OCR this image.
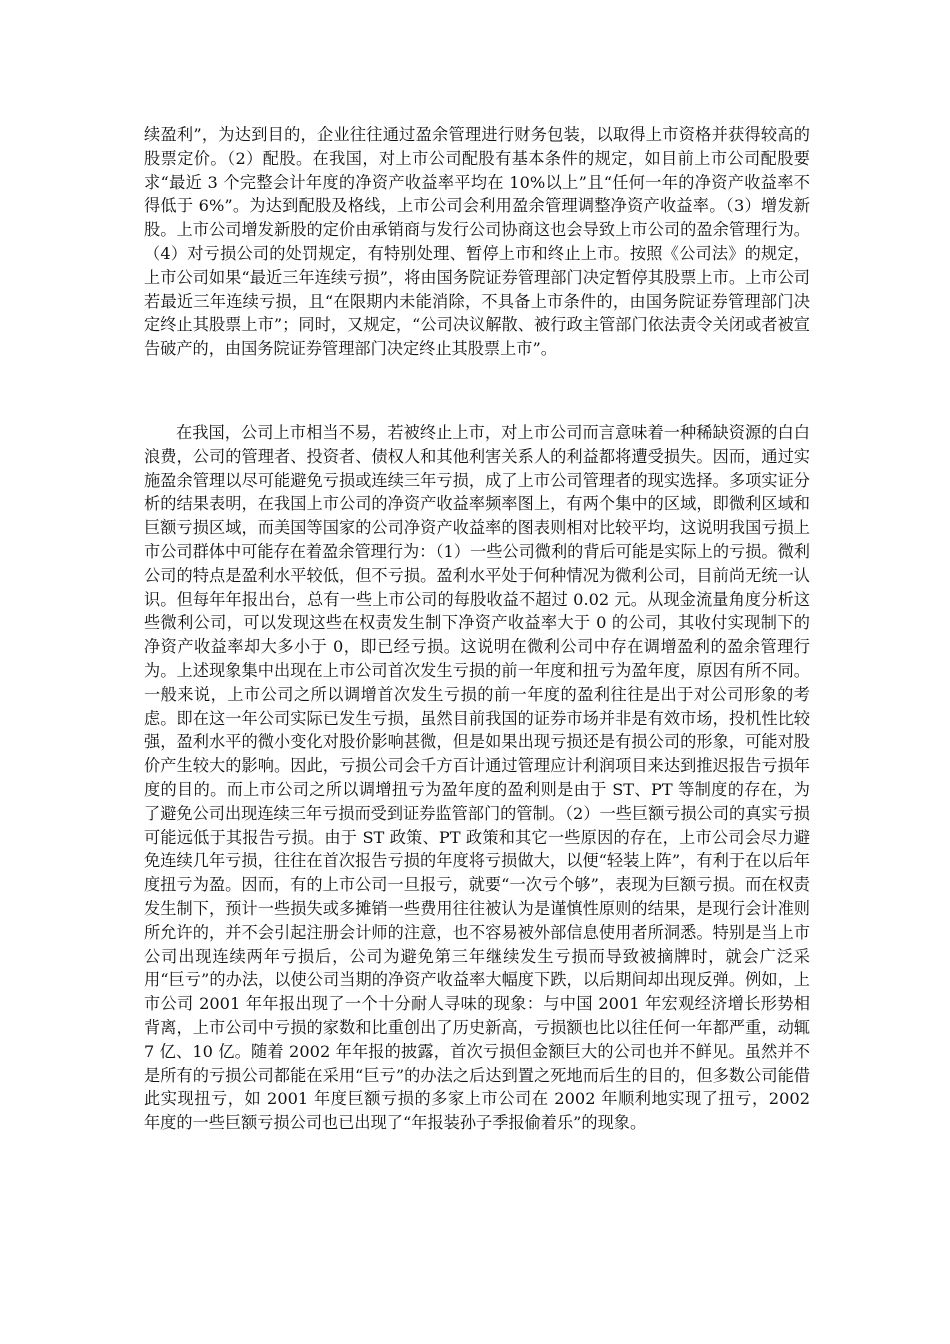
续盈利”，为达到目的，企业往往通过盈余管理进行财务包装，以取得上市资格并获得较高的股票定价。（2）配股。在我国，对上市公司配股有基本条件的规定，如目前上市公司配股要求“最近 3 个完整会计年度的净资产收益率平均在 10%以上”且“任何一年的净资产收益率不得低于 6%”。为达到配股及格线，上市公司会利用盈余管理调整净资产收益率。（3）增发新股。上市公司增发新股的定价由承销商与发行公司协商这也会导致上市公司的盈余管理行为。（4）对亏损公司的处罚规定，有特别处理、暂停上市和终止上市。按照《公司法》的规定，上市公司如果“最近三年连续亏损”，将由国务院证券管理部门决定暂停其股票上市。上市公司若最近三年连续亏损，且“在限期内未能消除，不具备上市条件的，由国务院证券管理部门决定终止其股票上市”；同时，又规定，“公司决议解散、被行政主管部门依法责令关闭或者被宣告破产的，由国务院证券管理部门决定终止其股票上市”。

在我国，公司上市相当不易，若被终止上市，对上市公司而言意味着一种稀缺资源的白白浪费，公司的管理者、投资者、债权人和其他利害关系人的利益都将遭受损失。因而，通过实施盈余管理以尽可能避免亏损或连续三年亏损，成了上市公司管理者的现实选择。多项实证分析的结果表明，在我国上市公司的净资产收益率频率图上，有两个集中的区域，即微利区域和巨额亏损区域，而美国等国家的公司净资产收益率的图表则相对比较平均，这说明我国亏损上市公司群体中可能存在着盈余管理行为：（1）一些公司微利的背后可能是实际上的亏损。微利公司的特点是盈利水平较低，但不亏损。盈利水平处于何种情况为微利公司，目前尚无统一认识。但每年年报出台，总有一些上市公司的每股收益不超过 0.02 元。从现金流量角度分析这些微利公司，可以发现这些在权责发生制下净资产收益率大于 0 的公司，其收付实现制下的净资产收益率却大多小于 0，即已经亏损。这说明在微利公司中存在调增盈利的盈余管理行为。上述现象集中出现在上市公司首次发生亏损的前一年度和扭亏为盈年度，原因有所不同。一般来说，上市公司之所以调增首次发生亏损的前一年度的盈利往往是出于对公司形象的考虑。即在这一年公司实际已发生亏损，虽然目前我国的证券市场并非是有效市场，投机性比较强，盈利水平的微小变化对股价影响甚微，但是如果出现亏损还是有损公司的形象，可能对股价产生较大的影响。因此，亏损公司会千方百计通过管理应计利润项目来达到推迟报告亏损年度的目的。而上市公司之所以调增扭亏为盈年度的盈利则是由于 ST、PT 等制度的存在，为了避免公司出现连续三年亏损而受到证券监管部门的管制。（2）一些巨额亏损公司的真实亏损可能远低于其报告亏损。由于 ST 政策、PT 政策和其它一些原因的存在，上市公司会尽力避免连续几年亏损，往往在首次报告亏损的年度将亏损做大，以便“轻装上阵”，有利于在以后年度扭亏为盈。因而，有的上市公司一旦报亏，就要“一次亏个够”，表现为巨额亏损。而在权责发生制下，预计一些损失或多摊销一些费用往往被认为是谨慎性原则的结果，是现行会计准则所允许的，并不会引起注册会计师的注意，也不容易被外部信息使用者所洞悉。特别是当上市公司出现连续两年亏损后，公司为避免第三年继续发生亏损而导致被摘牌时，就会广泛采用“巨亏”的办法，以使公司当期的净资产收益率大幅度下跌，以后期间却出现反弹。例如，上市公司 2001 年年报出现了一个十分耐人寻味的现象：与中国 2001 年宏观经济增长形势相背离，上市公司中亏损的家数和比重创出了历史新高，亏损额也比以往任何一年都严重，动辄 7 亿、10 亿。随着 2002 年年报的披露，首次亏损但金额巨大的公司也并不鲜见。虽然并不是所有的亏损公司都能在采用“巨亏”的办法之后达到置之死地而后生的目的，但多数公司能借此实现扭亏，如 2001 年度巨额亏损的多家上市公司在 2002 年顺利地实现了扭亏，2002 年度的一些巨额亏损公司也已出现了“年报装孙子季报偷着乐”的现象。
